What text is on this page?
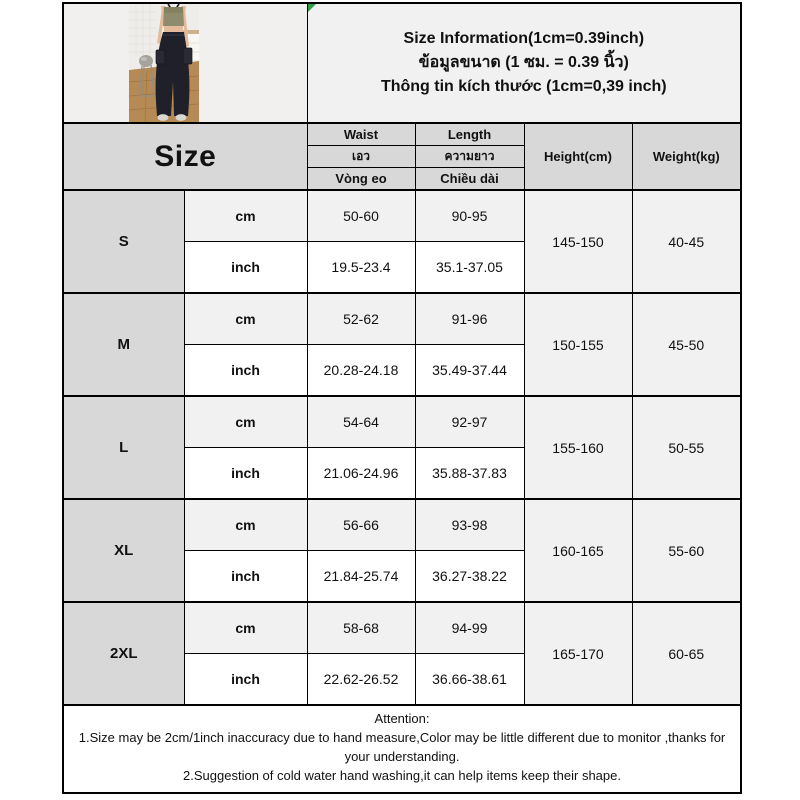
Size Information(1cm=0.39inch)
ข้อมูลขนาด (1 ซม. = 0.39 นิ้ว)
Thông tin kích thước (1cm=0,39 inch)			

Size		Waist	Length	Height(cm)	Weight(kg)
		เอว	ความยาว		
		Vòng eo	Chiều dài		
S	cm	50-60	90-95	145-150	40-45
	inch	19.5-23.4	35.1-37.05		
M	cm	52-62	91-96	150-155	45-50
	inch	20.28-24.18	35.49-37.44		
L	cm	54-64	92-97	155-160	50-55
	inch	21.06-24.96	35.88-37.83		
XL	cm	56-66	93-98	160-165	55-60
	inch	21.84-25.74	36.27-38.22		
2XL	cm	58-68	94-99	165-170	60-65
	inch	22.62-26.52	36.66-38.61		

Attention:
1.Size may be 2cm/1inch inaccuracy due to hand measure,Color may be little different due to monitor ,thanks for your understanding.
2.Suggestion of cold water hand washing,it can help items keep their shape.					
